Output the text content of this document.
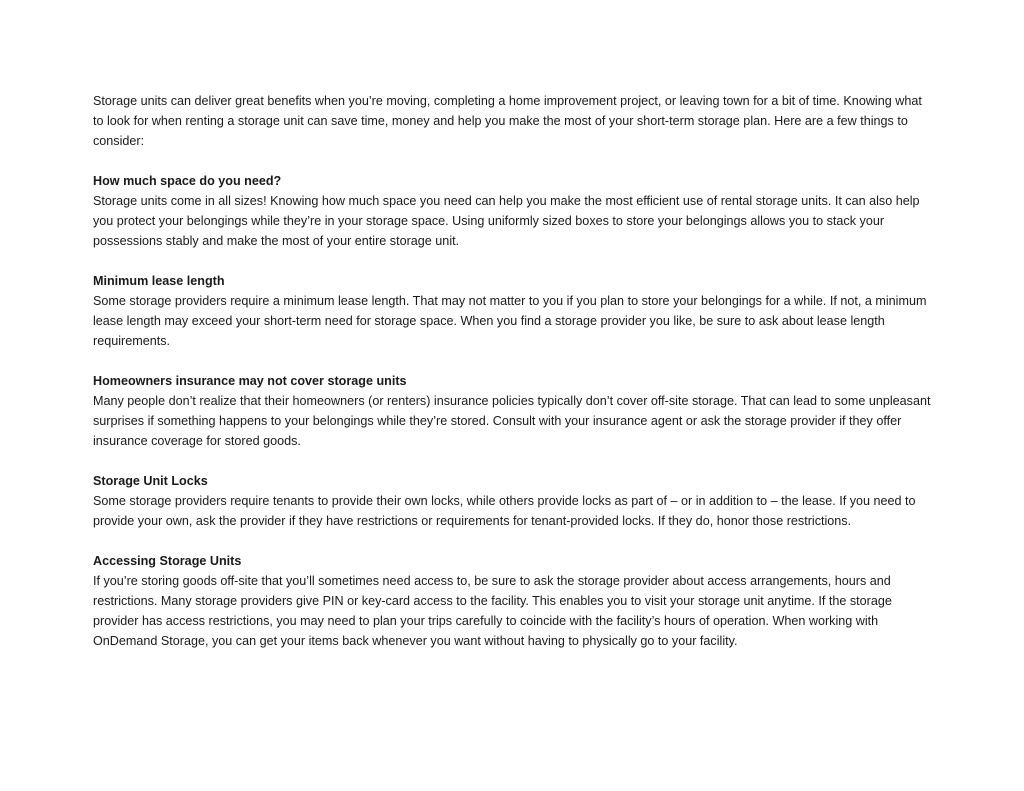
Storage units can deliver great benefits when you’re moving, completing a home improvement project, or leaving town for a bit of time. Knowing what to look for when renting a storage unit can save time, money and help you make the most of your short-term storage plan. Here are a few things to consider:

How much space do you need?

Storage units come in all sizes! Knowing how much space you need can help you make the most efficient use of rental storage units. It can also help you protect your belongings while they’re in your storage space. Using uniformly sized boxes to store your belongings allows you to stack your possessions stably and make the most of your entire storage unit.

Minimum lease length

Some storage providers require a minimum lease length. That may not matter to you if you plan to store your belongings for a while. If not, a minimum lease length may exceed your short-term need for storage space. When you find a storage provider you like, be sure to ask about lease length requirements.

Homeowners insurance may not cover storage units

Many people don’t realize that their homeowners (or renters) insurance policies typically don’t cover off-site storage. That can lead to some unpleasant surprises if something happens to your belongings while they’re stored. Consult with your insurance agent or ask the storage provider if they offer insurance coverage for stored goods.

Storage Unit Locks

Some storage providers require tenants to provide their own locks, while others provide locks as part of – or in addition to – the lease. If you need to provide your own, ask the provider if they have restrictions or requirements for tenant-provided locks. If they do, honor those restrictions.

Accessing Storage Units

If you’re storing goods off-site that you’ll sometimes need access to, be sure to ask the storage provider about access arrangements, hours and restrictions. Many storage providers give PIN or key-card access to the facility. This enables you to visit your storage unit anytime. If the storage provider has access restrictions, you may need to plan your trips carefully to coincide with the facility’s hours of operation. When working with OnDemand Storage, you can get your items back whenever you want without having to physically go to your facility.
